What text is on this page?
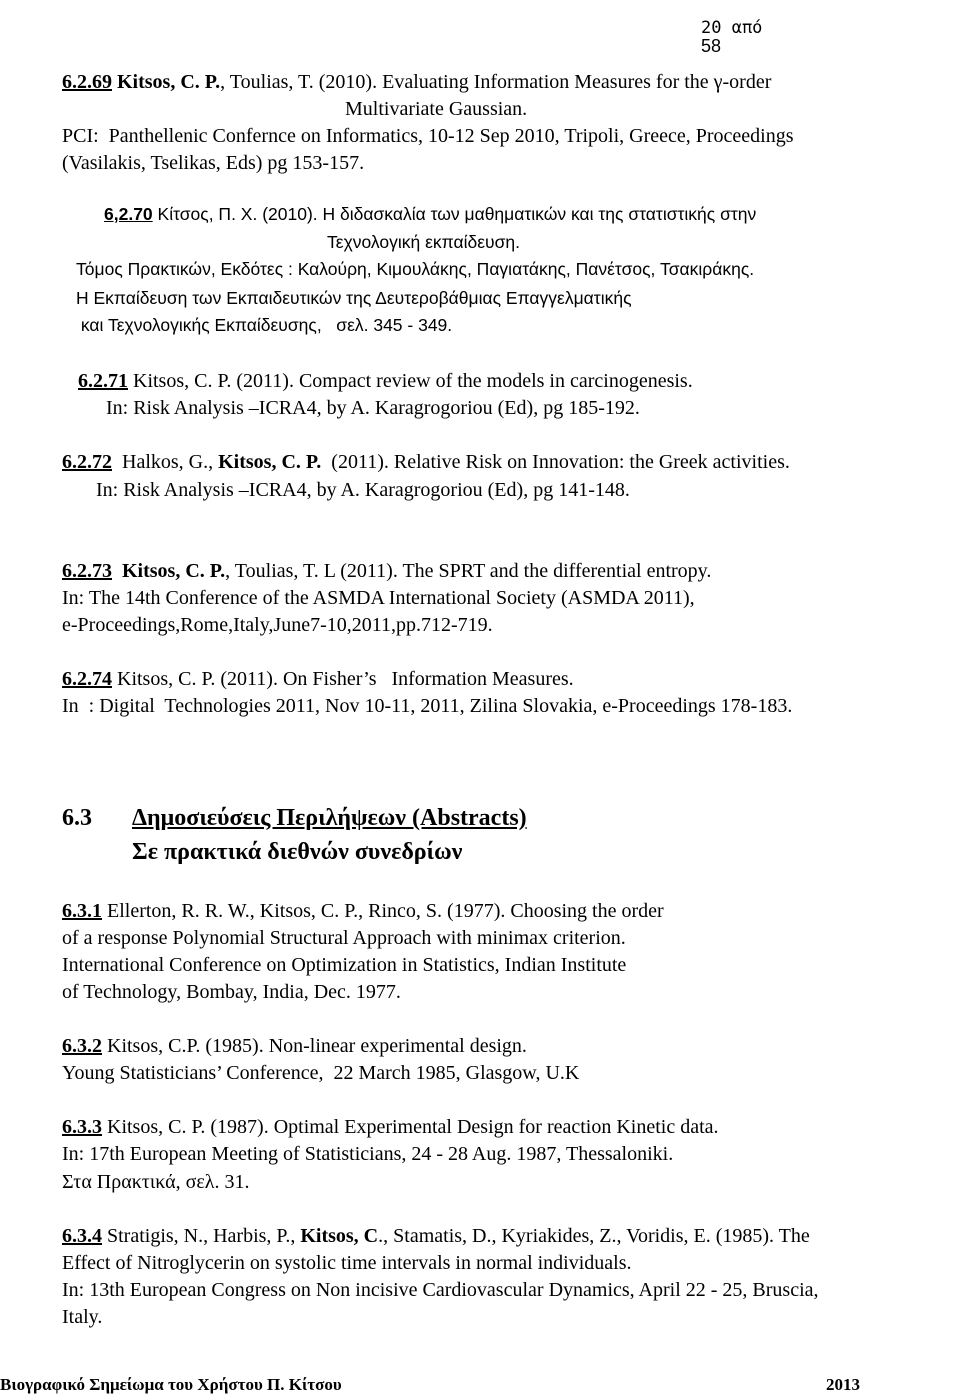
20 από
58

6.2.69 Kitsos, C. P., Toulias, T. (2010). Evaluating Information Measures for the γ-order
Multivariate Gaussian.
PCI:  Panthellenic Confernce on Informatics, 10-12 Sep 2010, Tripoli, Greece, Proceedings
(Vasilakis, Tselikas, Eds) pg 153-157.
6,2.70 Κίτσος, Π. Χ. (2010). Η διδασκαλία των μαθηματικών και της στατιστικής στην
Τεχνολογική εκπαίδευση.
Τόμος Πρακτικών, Εκδότες : Καλούρη, Κιμουλάκης, Παγιατάκης, Πανέτσος, Τσακιράκης.
Η Εκπαίδευση των Εκπαιδευτικών της Δευτεροβάθμιας Επαγγελματικής
και Τεχνολογικής Εκπαίδευσης,   σελ. 345 - 349.
6.2.71 Kitsos, C. P. (2011). Compact review of the models in carcinogenesis.
In: Risk Analysis –ICRA4, by A. Karagrogoriou (Ed), pg 185-192.
6.2.72  Halkos, G., Kitsos, C. P.  (2011). Relative Risk on Innovation: the Greek activities.
In: Risk Analysis –ICRA4, by A. Karagrogoriou (Ed), pg 141-148.
6.2.73  Kitsos, C. P., Toulias, T. L (2011). The SPRT and the differential entropy.
In: The 14th Conference of the ASMDA International Society (ASMDA 2011),
e-Proceedings,Rome,Italy,June7-10,2011,pp.712-719.
6.2.74 Kitsos, C. P. (2011). On Fisher’s   Information Measures.
In  : Digital  Technologies 2011, Nov 10-11, 2011, Zilina Slovakia, e-Proceedings 178-183.
6.3 Δημοσιεύσεις Περιλήψεων (Abstracts)
Σε πρακτικά διεθνών συνεδρίων
6.3.1 Ellerton, R. R. W., Kitsos, C. P., Rinco, S. (1977). Choosing the order
of a response Polynomial Structural Approach with minimax criterion.
International Conference on Optimization in Statistics, Indian Institute
of Technology, Bombay, India, Dec. 1977.
6.3.2 Kitsos, C.P. (1985). Non-linear experimental design.
Young Statisticians’ Conference,  22 March 1985, Glasgow, U.K
6.3.3 Kitsos, C. P. (1987). Optimal Experimental Design for reaction Kinetic data.
In: 17th European Meeting of Statisticians, 24 - 28 Aug. 1987, Thessaloniki.
Στα Πρακτικά, σελ. 31.
6.3.4 Stratigis, N., Harbis, P., Kitsos, C., Stamatis, D., Kyriakides, Z., Voridis, E. (1985). The
Effect of Nitroglycerin on systolic time intervals in normal individuals.
In: 13th European Congress on Non incisive Cardiovascular Dynamics, April 22 - 25, Brusсia,
Italy.
Βιογραφικό Σημείωμα του Χρήστου Π. Κίτσου	2013
